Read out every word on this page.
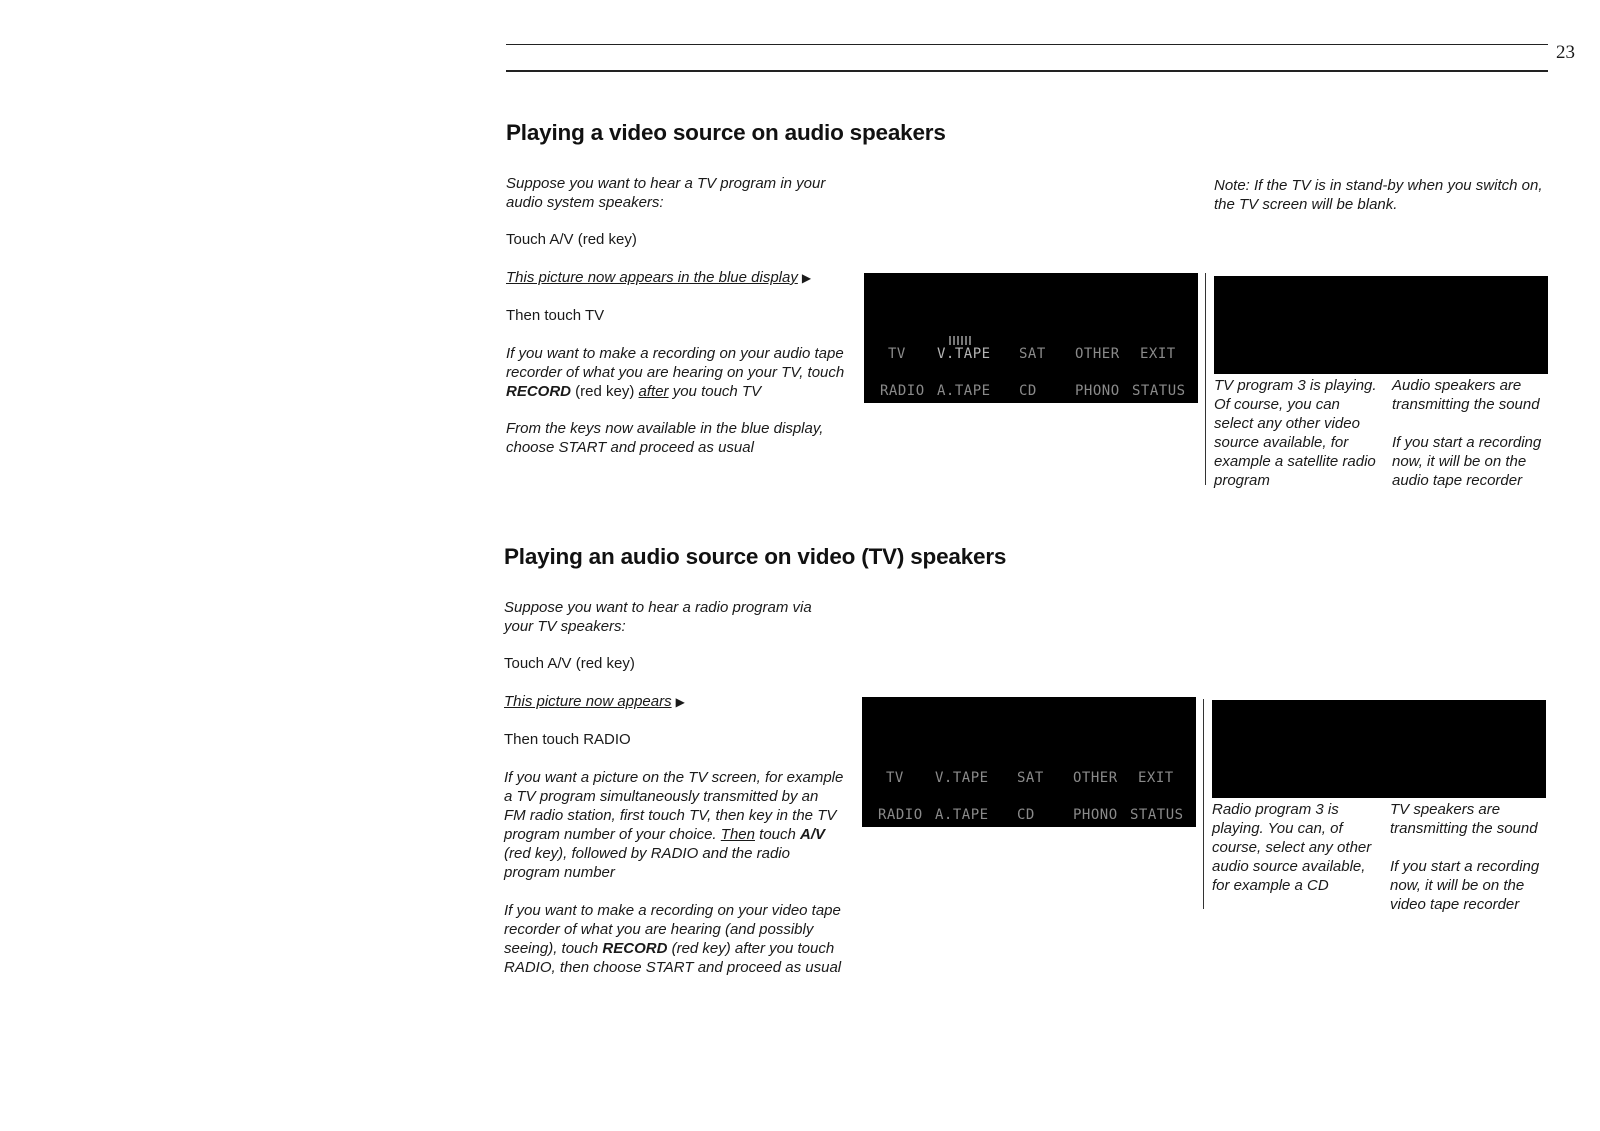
23
Playing a video source on audio speakers

Suppose you want to hear a TV program in your audio system speakers:

Touch A/V (red key)

This picture now appears in the blue display ▶

Then touch TV

If you want to make a recording on your audio tape recorder of what you are hearing on your TV, touch RECORD (red key) after you touch TV

From the keys now available in the blue display, choose START and proceed as usual

TV V.TAPE SAT OTHER EXIT
RADIO A.TAPE CD	PHONO STATUS

Note: If the TV is in stand-by when you switch on, the TV screen will be blank.

TV program 3 is playing. Of course, you can select any other video source available, for example a satellite radio program

Audio speakers are transmitting the sound

If you start a recording now, it will be on the audio tape recorder

Playing an audio source on video (TV) speakers

Suppose you want to hear a radio program via your TV speakers:

Touch A/V (red key)

This picture now appears ▶

Then touch RADIO

If you want a picture on the TV screen, for example a TV program simultaneously transmitted by an FM radio station, first touch TV, then key in the TV program number of your choice. Then touch A/V (red key), followed by RADIO and the radio program number

If you want to make a recording on your video tape recorder of what you are hearing (and possibly seeing), touch RECORD (red key) after you touch RADIO, then choose START and proceed as usual

TV V.TAPE SAT OTHER EXIT
RADIO A.TAPE CD	PHONO STATUS Radio program 3 is playing. You can, of course, select any other audio source available, for example a CD

TV speakers are transmitting the sound

If you start a recording now, it will be on the video tape recorder
